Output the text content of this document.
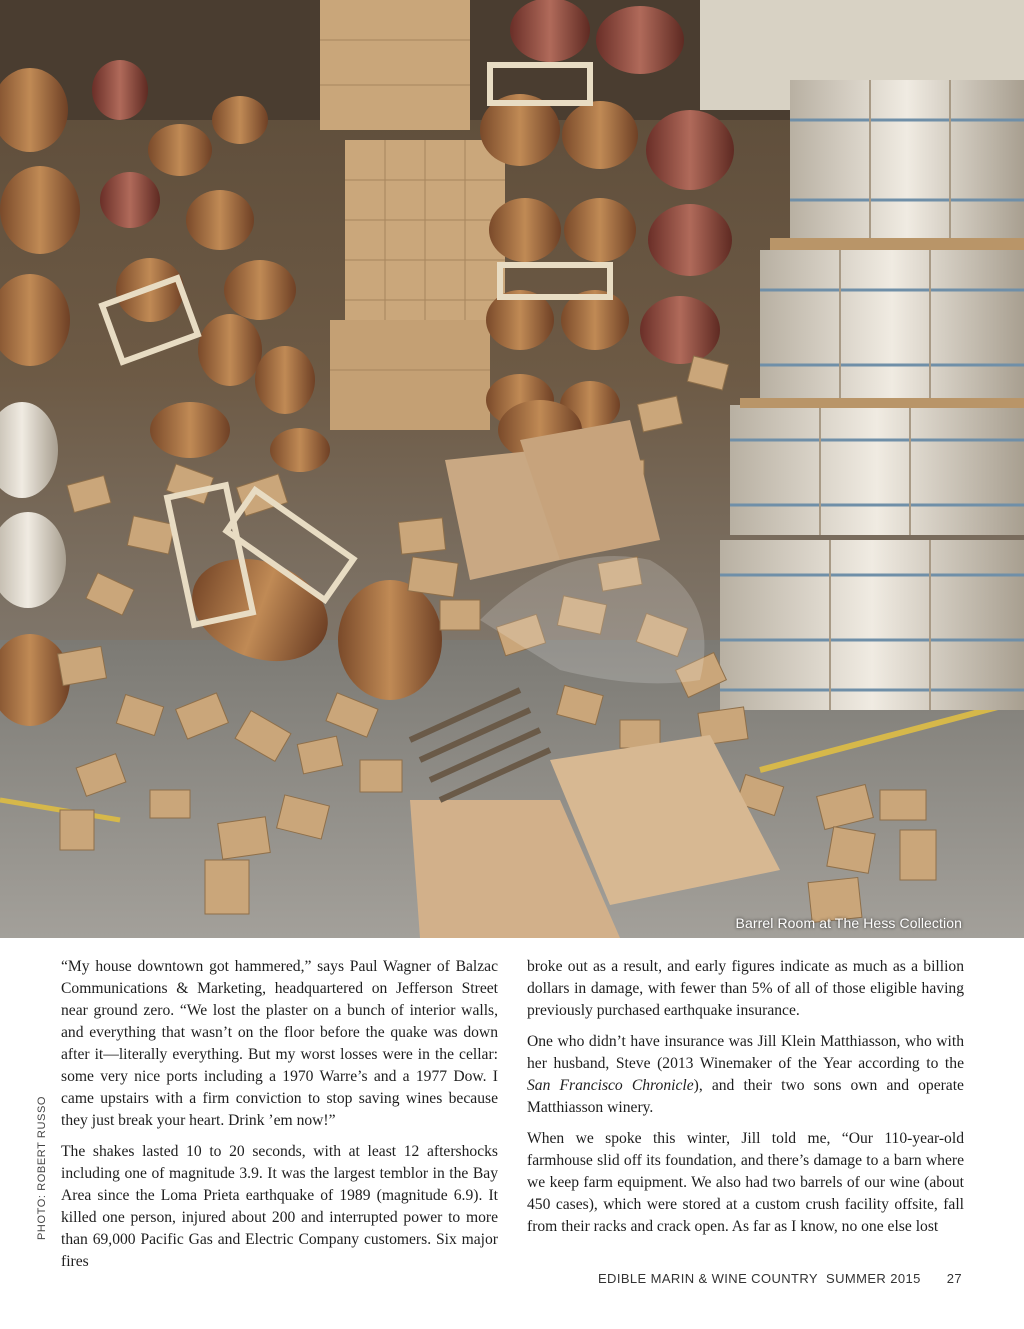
Barrel Room at The Hess Collection
PHOTO: ROBERT RUSSO

“My house downtown got hammered,” says Paul Wagner of Balzac Communications & Marketing, headquartered on Jefferson Street near ground zero. “We lost the plaster on a bunch of interior walls, and everything that wasn’t on the floor before the quake was down after it—literally everything. But my worst losses were in the cellar: some very nice ports including a 1970 Warre’s and a 1977 Dow. I came upstairs with a firm conviction to stop saving wines because they just break your heart. Drink ’em now!”

The shakes lasted 10 to 20 seconds, with at least 12 aftershocks including one of magnitude 3.9. It was the largest temblor in the Bay Area since the Loma Prieta earthquake of 1989 (magnitude 6.9). It killed one person, injured about 200 and interrupted power to more than 69,000 Pacific Gas and Electric Company customers. Six major fires

broke out as a result, and early figures indicate as much as a billion dollars in damage, with fewer than 5% of all of those eligible having previously purchased earthquake insurance.

One who didn’t have insurance was Jill Klein Matthiasson, who with her husband, Steve (2013 Winemaker of the Year according to the San Francisco Chronicle), and their two sons own and operate Matthiasson winery.

When we spoke this winter, Jill told me, “Our 110-year-old farmhouse slid off its foundation, and there’s damage to a barn where we keep farm equipment. We also had two barrels of our wine (about 450 cases), which were stored at a custom crush facility offsite, fall from their racks and crack open. As far as I know, no one else lost

EDIBLE MARIN & WINE COUNTRY SUMMER 2015 27
